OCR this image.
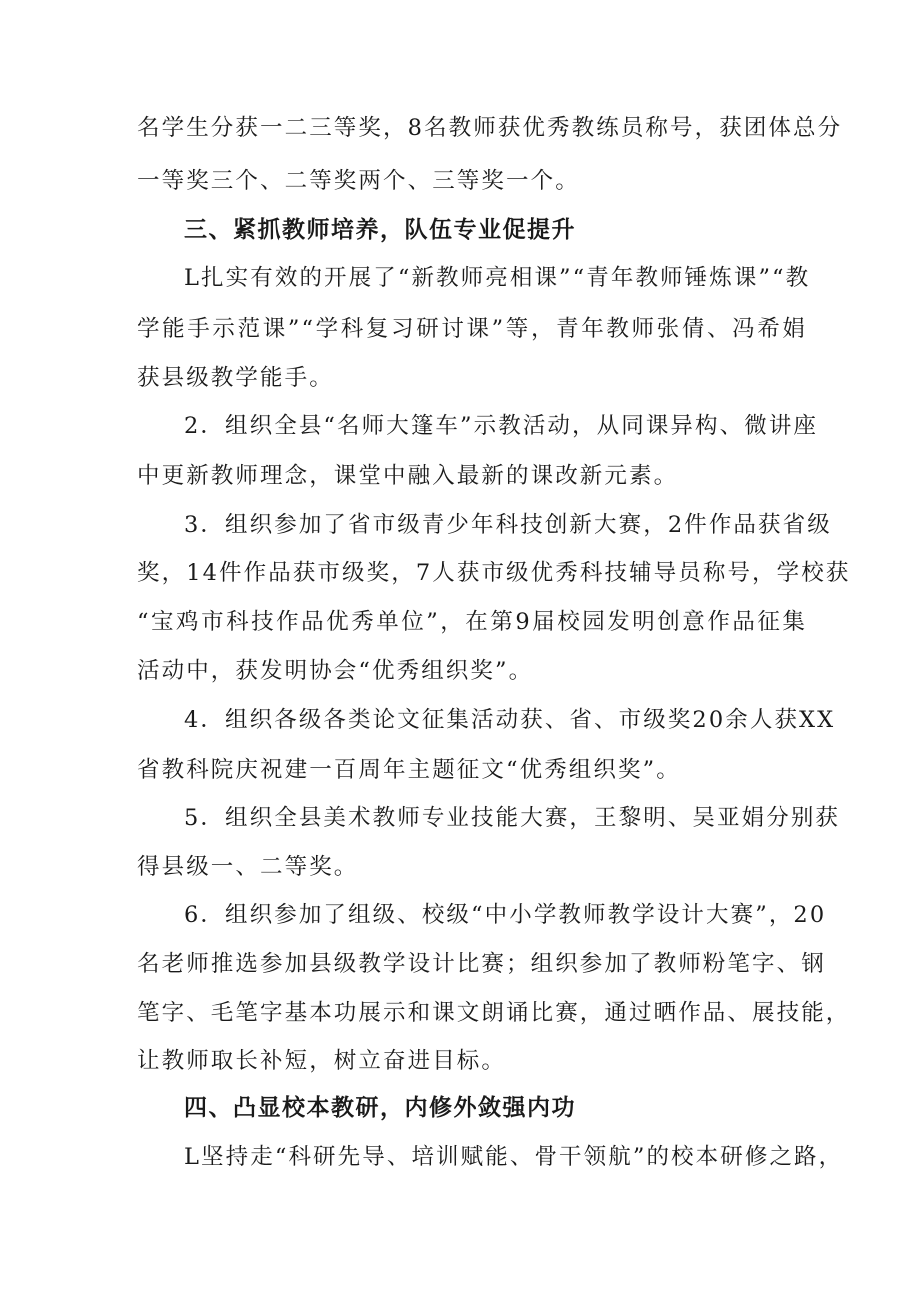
名学生分获一二三等奖，8名教师获优秀教练员称号，获团体总分
一等奖三个、二等奖两个、三等奖一个。
三、紧抓教师培养，队伍专业促提升
L扎实有效的开展了“新教师亮相课”“青年教师锤炼课”“教
学能手示范课”“学科复习研讨课”等，青年教师张倩、冯希娟
获县级教学能手。
2．组织全县“名师大篷车”示教活动，从同课异构、微讲座
中更新教师理念，课堂中融入最新的课改新元素。
3．组织参加了省市级青少年科技创新大赛，2件作品获省级
奖，14件作品获市级奖，7人获市级优秀科技辅导员称号，学校获
“宝鸡市科技作品优秀单位”，在第9届校园发明创意作品征集
活动中，获发明协会“优秀组织奖”。
4．组织各级各类论文征集活动获、省、市级奖20余人获XX
省教科院庆祝建一百周年主题征文“优秀组织奖”。
5．组织全县美术教师专业技能大赛，王黎明、吴亚娟分别获
得县级一、二等奖。
6．组织参加了组级、校级“中小学教师教学设计大赛”，20
名老师推选参加县级教学设计比赛；组织参加了教师粉笔字、钢
笔字、毛笔字基本功展示和课文朗诵比赛，通过晒作品、展技能，
让教师取长补短，树立奋进目标。
四、凸显校本教研，内修外敛强内功
L坚持走“科研先导、培训赋能、骨干领航”的校本研修之路，
